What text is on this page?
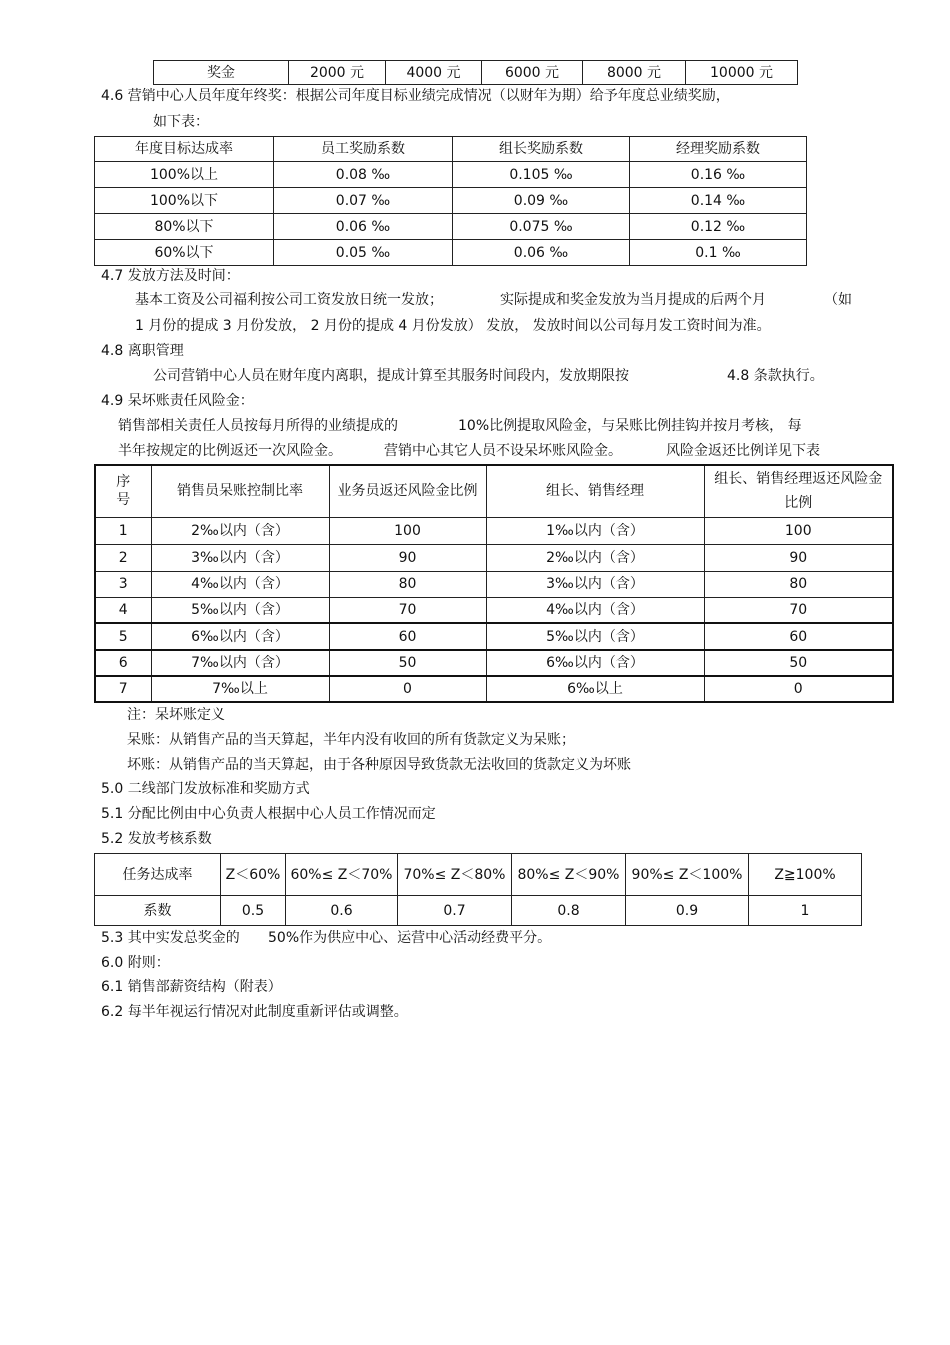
奖金	2000 元	4000 元	6000 元	8000 元	10000 元
4.6 营销中心人员年度年终奖：根据公司年度目标业绩完成情况（以财年为期）给予年度总业绩奖励，
如下表：
年度目标达成率	员工奖励系数	组长奖励系数	经理奖励系数
100%以上	0.08 ‰	0.105 ‰	0.16 ‰
100%以下	0.07 ‰	0.09 ‰	0.14 ‰
80%以下	0.06 ‰	0.075 ‰	0.12 ‰
60%以下	0.05 ‰	0.06 ‰	0.1 ‰
4.7 发放方法及时间：
基本工资及公司福利按公司工资发放日统一发放；	实际提成和奖金发放为当月提成的后两个月	（如
1 月份的提成 3 月份发放， 2 月份的提成 4 月份发放） 发放， 发放时间以公司每月发工资时间为准。
4.8 离职管理
公司营销中心人员在财年度内离职，提成计算至其服务时间段内，发放期限按	4.8 条款执行。
4.9 呆坏账责任风险金：
销售部相关责任人员按每月所得的业绩提成的	10%比例提取风险金，与呆账比例挂钩并按月考核， 每
半年按规定的比例返还一次风险金。	营销中心其它人员不设呆坏账风险金。	风险金返还比例详见下表
序号	销售员呆账控制比率	业务员返还风险金比例	组长、销售经理	组长、销售经理返还风险金比例
1	2‰以内（含）	100	1‰以内（含）	100
2	3‰以内（含）	90	2‰以内（含）	90
3	4‰以内（含）	80	3‰以内（含）	80
4	5‰以内（含）	70	4‰以内（含）	70
5	6‰以内（含）	60	5‰以内（含）	60
6	7‰以内（含）	50	6‰以内（含）	50
7	7‰以上	0	6‰以上	0
注：呆坏账定义
呆账：从销售产品的当天算起，半年内没有收回的所有货款定义为呆账；
坏账：从销售产品的当天算起，由于各种原因导致货款无法收回的货款定义为坏账
5.0 二线部门发放标准和奖励方式
5.1 分配比例由中心负责人根据中心人员工作情况而定
5.2 发放考核系数
任务达成率	Z＜60%	60%≤ Z＜70%	70%≤ Z＜80%	80%≤ Z＜90%	90%≤ Z＜100%	Z≧100%
系数	0.5	0.6	0.7	0.8	0.9	1
5.3 其中实发总奖金的 50%作为供应中心、运营中心活动经费平分。
6.0 附则：
6.1 销售部薪资结构（附表）
6.2 每半年视运行情况对此制度重新评估或调整。
